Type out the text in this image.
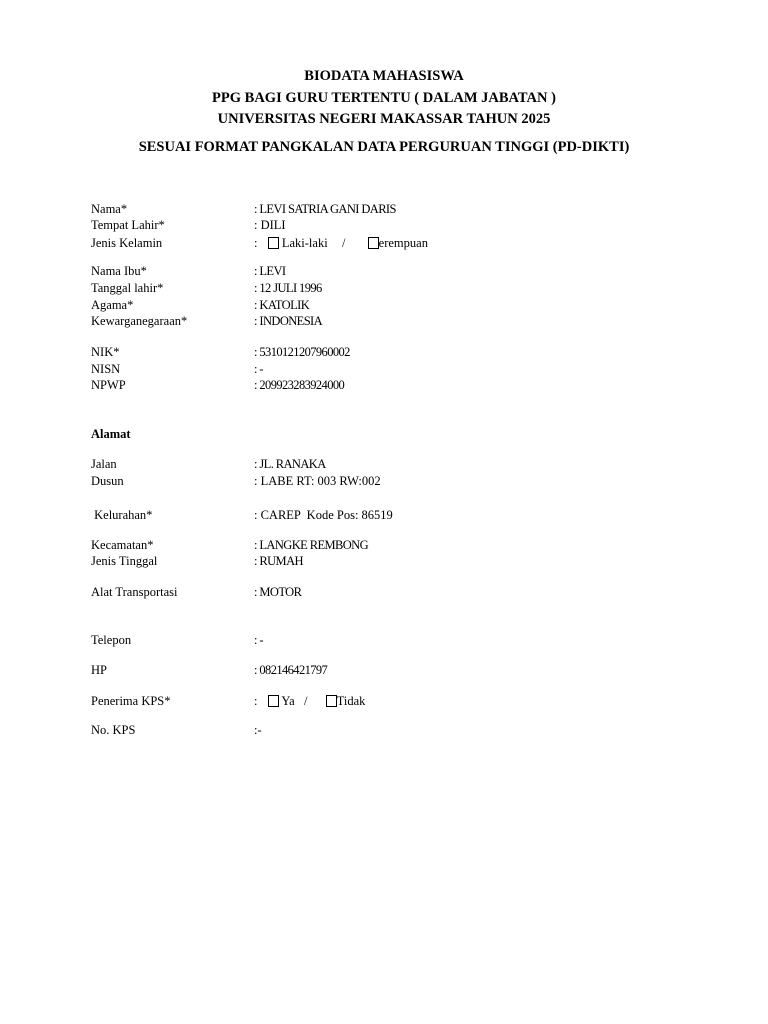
BIODATA MAHASISWA
PPG BAGI GURU TERTENTU ( DALAM JABATAN )
UNIVERSITAS NEGERI MAKASSAR TAHUN 2025
SESUAI FORMAT PANGKALAN DATA PERGURUAN TINGGI (PD-DIKTI)
Nama*	: LEVI SATRIA GANI DARIS
Tempat Lahir*	: DILI
Jenis Kelamin	: Laki-laki /	erempuan
Nama Ibu*	: LEVI
Tanggal lahir*	: 12 JULI 1996
Agama*	: KATOLIK
Kewarganegaraan*	: INDONESIA
NIK*	: 5310121207960002
NISN	: -
NPWP	: 209923283924000
Alamat
Jalan	: JL. RANAKA
Dusun	: LABE RT: 003 RW:002
Kelurahan*	: CAREP  Kode Pos: 86519
Kecamatan*	: LANGKE REMBONG
Jenis Tinggal	: RUMAH
Alat Transportasi	: MOTOR
Telepon	: -
HP	: 082146421797
Penerima KPS*	: Ya / Tidak
No. KPS	:-
